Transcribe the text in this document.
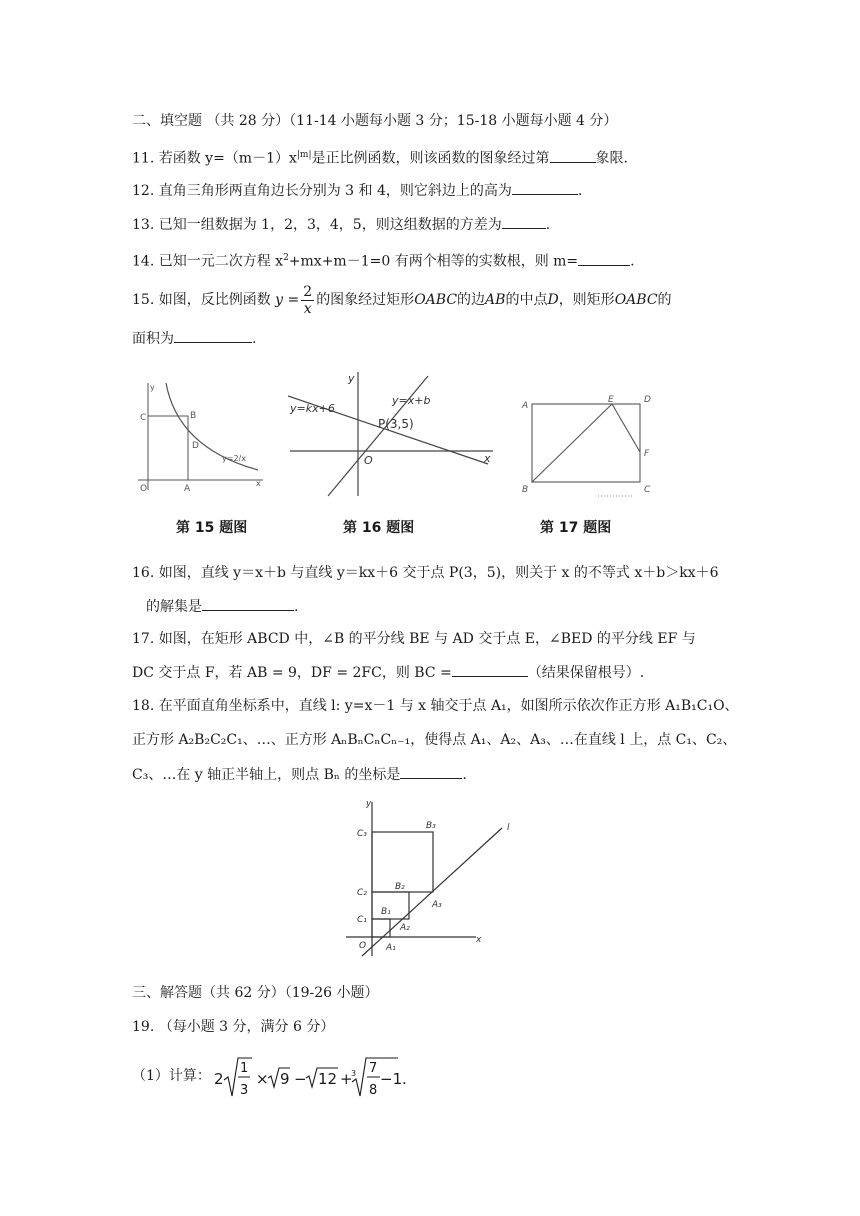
二、填空题 （共 28 分）（11-14 小题每小题 3 分；15-18 小题每小题 4 分）
11. 若函数 $y=(m-1)x^{|m|}$是正比例函数，则该函数的图象经过第	象限.
12. 直角三角形两直角边长分别为 3 和 4，则它斜边上的高为	.
13. 已知一组数据为 1，2，3，4，5，则这组数据的方差为	.
14. 已知一元二次方程 $x^2+mx+m-1=0$ 有两个相等的实数根，则 m=	.
15. 如图，反比例函数 $y = \frac{2}{x}$ 的图象经过矩形OABC的边AB的中点D，则矩形OABC的
面积为	.
y
x
O
C	B
D
A
y=2/x
第 15 题图
y
x
O
y=x+b
y=kx+6
P(3,5)
第 16 题图
A
E	D
F
B	C
第 17 题图
16. 如图，直线 y＝x＋b 与直线 y＝kx＋6 交于点 P(3，5)，则关于 x 的不等式 x＋b＞kx＋6
的解集是	.
17. 如图，在矩形 ABCD 中，∠B 的平分线 BE 与 AD 交于点 E，∠BED 的平分线 EF 与
DC 交于点 F，若 AB = 9，DF = 2FC，则 BC =	（结果保留根号）.
18. 在平面直角坐标系中，直线 l: y=x－1 与 x 轴交于点 A₁，如图所示依次作正方形 A₁B₁C₁O、
正方形 A₂B₂C₂C₁、…、正方形 AₙBₙCₙCₙ₋₁，使得点 A₁、A₂、A₃、…在直线 l 上，点 C₁、C₂、
C₃、…在 y 轴正半轴上，则点 Bₙ 的坐标是	.
y
x
O
l
C₁
C₂
C₃
B₁
B₂
B₃
A₁
A₂
A₃
三、解答题（共 62 分）（19-26 小题）
19. （每小题 3 分，满分 6 分）
（1）计算： 2
1
3
× 9 − 12 +
3 7
8
−1 .
